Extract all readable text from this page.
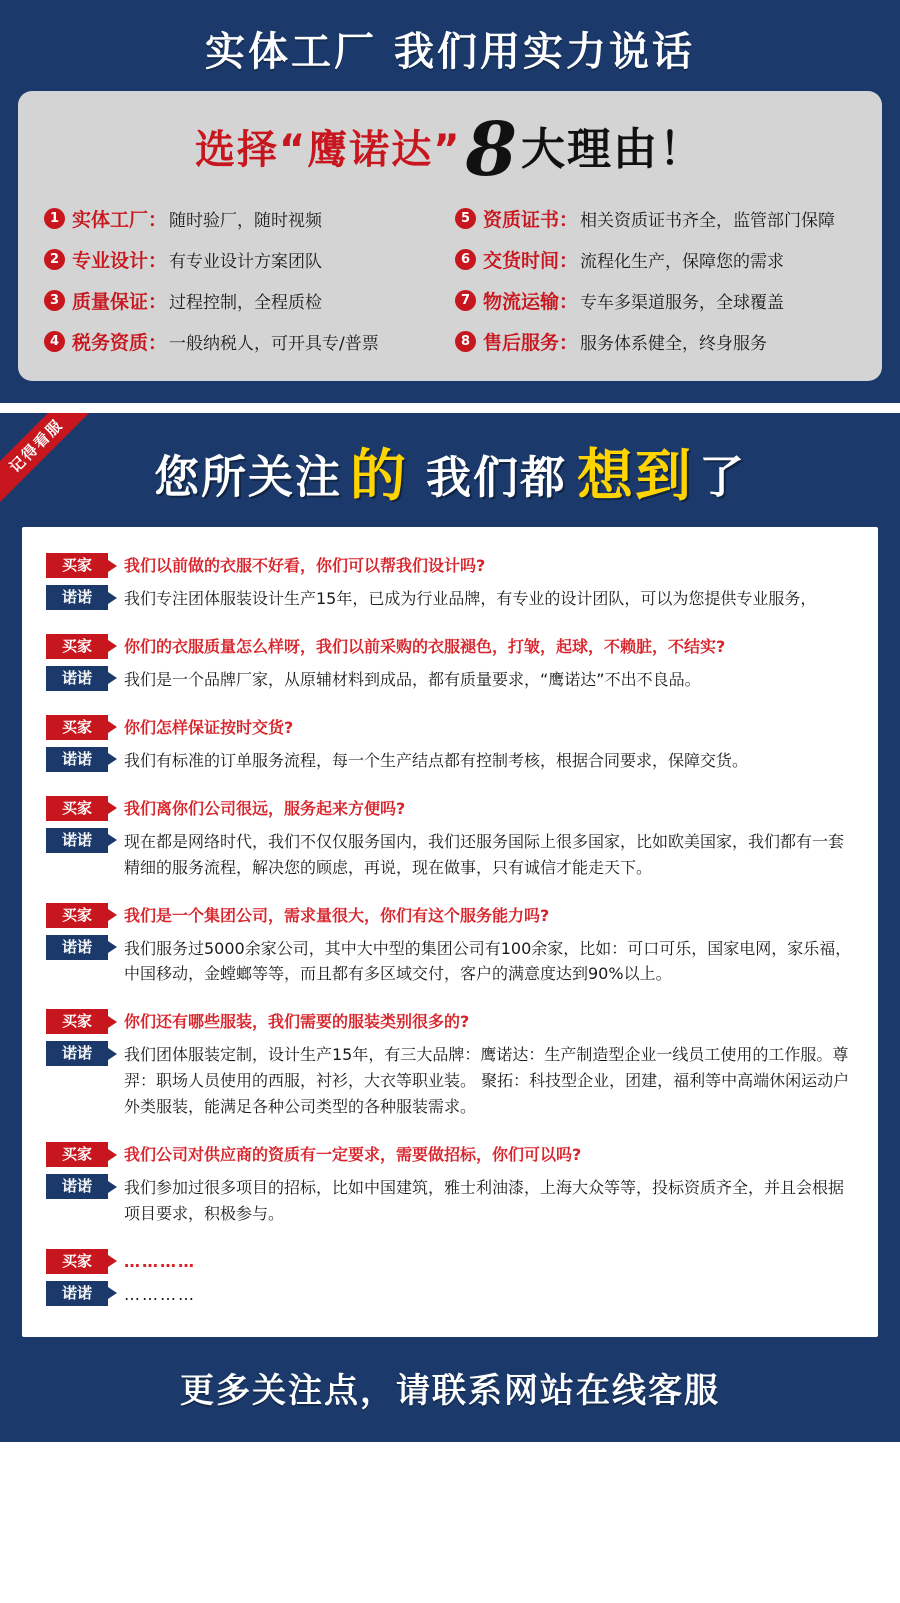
实体工厂 我们用实力说话
选择“鹰诺达”8大理由！
1 实体工厂 ： 随时验厂，随时视频	5 资质证书 ： 相关资质证书齐全，监管部门保障
2 专业设计 ： 有专业设计方案团队	6 交货时间 ： 流程化生产，保障您的需求
3 质量保证 ： 过程控制，全程质检	7 物流运输 ： 专车多渠道服务，全球覆盖
4 税务资质 ： 一般纳税人，可开具专/普票	8 售后服务 ： 服务体系健全，终身服务
记得看服
您所关注 的 我们都 想到 了
买家	我们以前做的衣服不好看，你们可以帮我们设计吗?
诺诺	我们专注团体服装设计生产15年，已成为行业品牌，有专业的设计团队，可以为您提供专业服务，
买家	你们的衣服质量怎么样呀，我们以前采购的衣服褪色，打皱，起球，不赖脏，不结实?
诺诺	我们是一个品牌厂家，从原辅材料到成品，都有质量要求，“鹰诺达”不出不良品。
买家	你们怎样保证按时交货?
诺诺	我们有标准的订单服务流程，每一个生产结点都有控制考核，根据合同要求，保障交货。
买家	我们离你们公司很远，服务起来方便吗?
诺诺	现在都是网络时代，我们不仅仅服务国内，我们还服务国际上很多国家，比如欧美国家，我们都有一套精细的服务流程，解决您的顾虑，再说，现在做事，只有诚信才能走天下。
买家	我们是一个集团公司，需求量很大，你们有这个服务能力吗?
诺诺	我们服务过5000余家公司，其中大中型的集团公司有100余家，比如：可口可乐，国家电网，家乐福，中国移动，金螳螂等等，而且都有多区域交付，客户的满意度达到90%以上。
买家	你们还有哪些服装，我们需要的服装类别很多的?
诺诺	我们团体服装定制，设计生产15年，有三大品牌：鹰诺达：生产制造型企业一线员工使用的工作服。尊羿：职场人员使用的西服，衬衫，大衣等职业装。 聚拓：科技型企业，团建，福利等中高端休闲运动户外类服装，能满足各种公司类型的各种服装需求。
买家	我们公司对供应商的资质有一定要求，需要做招标，你们可以吗?
诺诺	我们参加过很多项目的招标，比如中国建筑，雅士利油漆，上海大众等等，投标资质齐全，并且会根据项目要求，积极参与。
买家	…………
诺诺	…………
更多关注点，请联系网站在线客服
